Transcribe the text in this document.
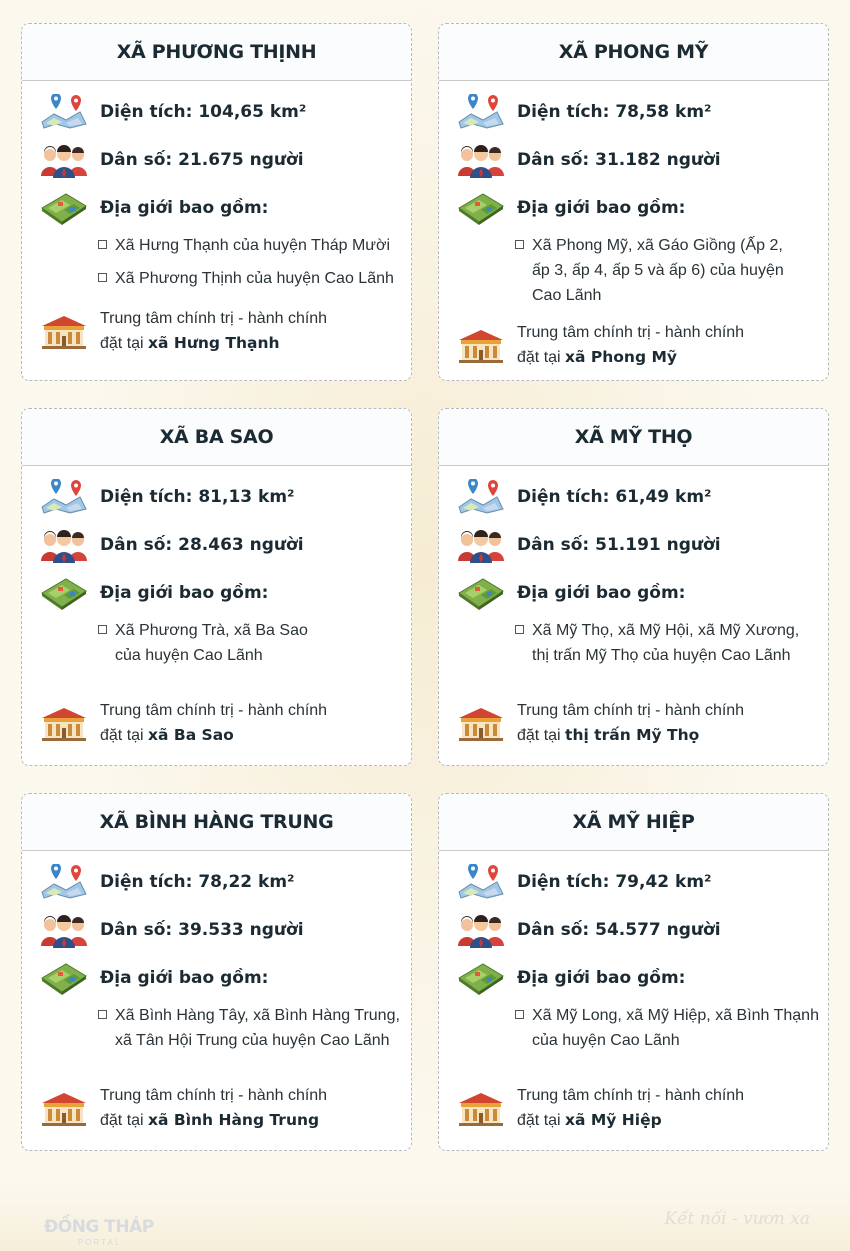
XÃ PHƯƠNG THỊNH
Diện tích: 104,65 km²
Dân số: 21.675 người
Địa giới bao gồm:
Xã Hưng Thạnh của huyện Tháp Mười
Xã Phương Thịnh của huyện Cao Lãnh
Trung tâm chính trị - hành chính
đặt tại xã Hưng Thạnh
XÃ PHONG MỸ
Diện tích: 78,58 km²
Dân số: 31.182 người
Địa giới bao gồm:
Xã Phong Mỹ, xã Gáo Giồng (Ấp 2,
ấp 3, ấp 4, ấp 5 và ấp 6) của huyện
Cao Lãnh
Trung tâm chính trị - hành chính
đặt tại xã Phong Mỹ
XÃ BA SAO
Diện tích: 81,13 km²
Dân số: 28.463 người
Địa giới bao gồm:
Xã Phương Trà, xã Ba Sao
của huyện Cao Lãnh
Trung tâm chính trị - hành chính
đặt tại xã Ba Sao
XÃ MỸ THỌ
Diện tích: 61,49 km²
Dân số: 51.191 người
Địa giới bao gồm:
Xã Mỹ Thọ, xã Mỹ Hội, xã Mỹ Xương,
thị trấn Mỹ Thọ của huyện Cao Lãnh
Trung tâm chính trị - hành chính
đặt tại thị trấn Mỹ Thọ
XÃ BÌNH HÀNG TRUNG
Diện tích: 78,22 km²
Dân số: 39.533 người
Địa giới bao gồm:
Xã Bình Hàng Tây, xã Bình Hàng Trung,
xã Tân Hội Trung của huyện Cao Lãnh
Trung tâm chính trị - hành chính
đặt tại xã Bình Hàng Trung
XÃ MỸ HIỆP
Diện tích: 79,42 km²
Dân số: 54.577 người
Địa giới bao gồm:
Xã Mỹ Long, xã Mỹ Hiệp, xã Bình Thạnh
của huyện Cao Lãnh
Trung tâm chính trị - hành chính
đặt tại xã Mỹ Hiệp
ĐỒNG THÁP
PORTAL
Kết nối - vươn xa
